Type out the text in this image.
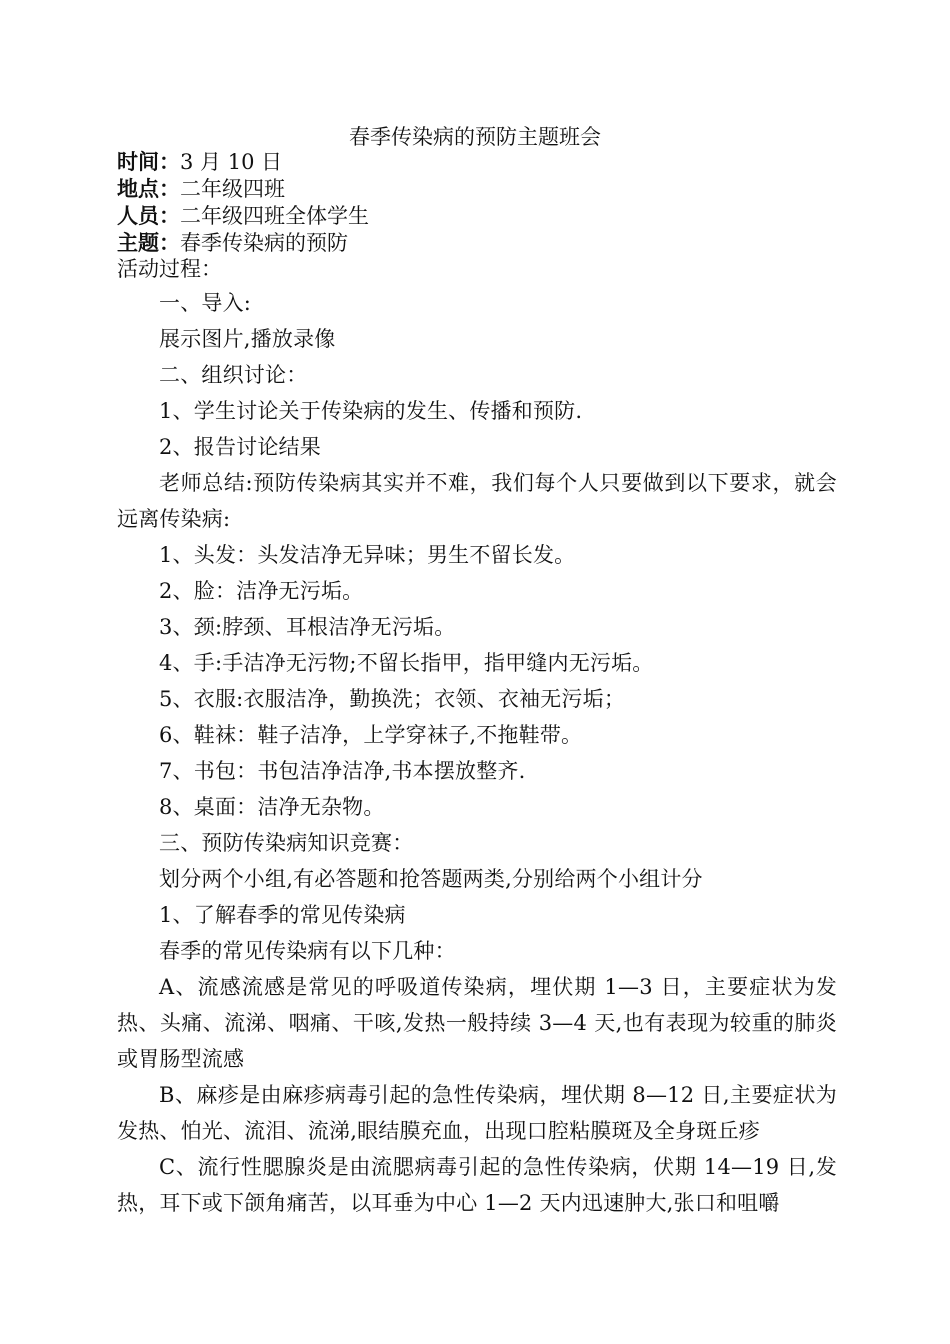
春季传染病的预防主题班会
时间：3 月 10 日
地点：二年级四班
人员：二年级四班全体学生
主题：春季传染病的预防
活动过程：

一、导入:

展示图片,播放录像

二、组织讨论：

1、学生讨论关于传染病的发生、传播和预防.

2、报告讨论结果

老师总结:预防传染病其实并不难，我们每个人只要做到以下要求，就会远离传染病:

1、头发：头发洁净无异味；男生不留长发。

2、脸：洁净无污垢。

3、颈:脖颈、耳根洁净无污垢。

4、手:手洁净无污物;不留长指甲，指甲缝内无污垢。

5、衣服:衣服洁净，勤换洗；衣领、衣袖无污垢；

6、鞋袜：鞋子洁净，上学穿袜子,不拖鞋带。

7、书包：书包洁净洁净,书本摆放整齐.

8、桌面：洁净无杂物。

三、预防传染病知识竞赛：

划分两个小组,有必答题和抢答题两类,分别给两个小组计分

1、了解春季的常见传染病

春季的常见传染病有以下几种：

A、流感流感是常见的呼吸道传染病，埋伏期 1—3 日，主要症状为发热、头痛、流涕、咽痛、干咳,发热一般持续 3—4 天,也有表现为较重的肺炎或胃肠型流感

B、麻疹是由麻疹病毒引起的急性传染病，埋伏期 8—12 日,主要症状为发热、怕光、流泪、流涕,眼结膜充血，出现口腔粘膜斑及全身斑丘疹

C、流行性腮腺炎是由流腮病毒引起的急性传染病，伏期 14—19 日,发热，耳下或下颌角痛苦，以耳垂为中心 1—2 天内迅速肿大,张口和咀嚼
